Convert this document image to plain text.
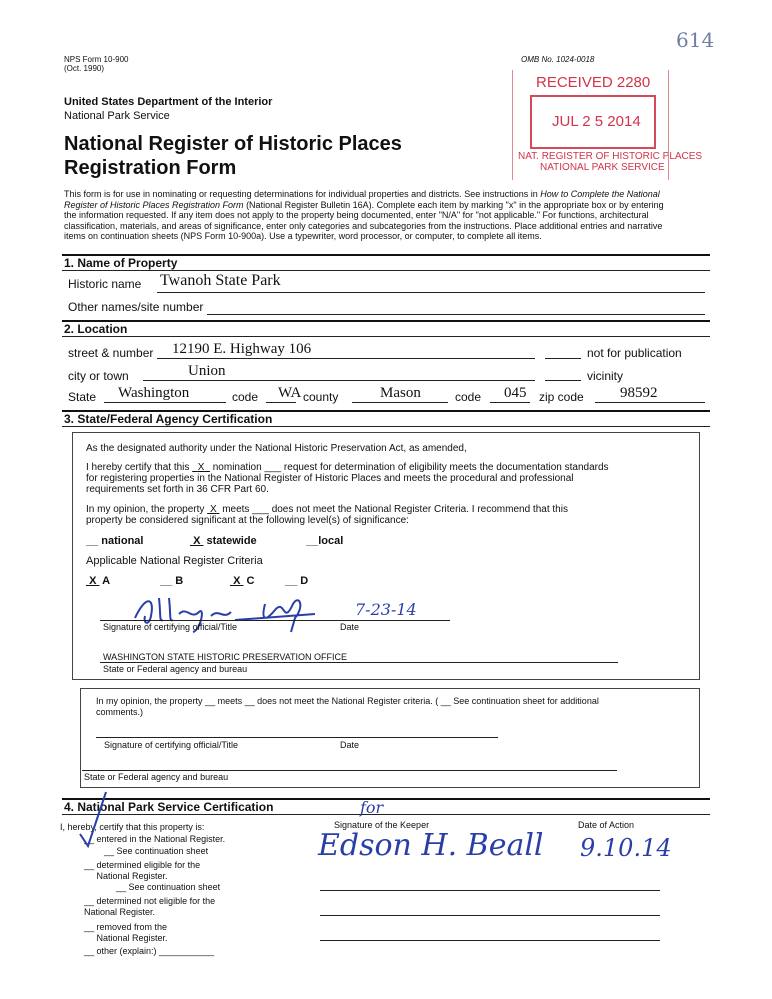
NPS Form 10-900
(Oct. 1990)
OMB No. 1024-0018
614
United States Department of the Interior
National Park Service
National Register of Historic Places
Registration Form
RECEIVED 2280
JUL 2 5 2014
NAT. REGISTER OF HISTORIC PLACES
NATIONAL PARK SERVICE
This form is for use in nominating or requesting determinations for individual properties and districts. See instructions in How to Complete the National
Register of Historic Places Registration Form (National Register Bulletin 16A). Complete each item by marking "x" in the appropriate box or by entering
the information requested. If any item does not apply to the property being documented, enter "N/A" for "not applicable." For functions, architectural
classification, materials, and areas of significance, enter only categories and subcategories from the instructions. Place additional entries and narrative
items on continuation sheets (NPS Form 10-900a). Use a typewriter, word processor, or computer, to complete all items.
1. Name of Property
Historic name Twanoh State Park
Other names/site number
2. Location
street & number 12190 E. Highway 106	not for publication
city or town	Union	vicinity
State Washington	code WA county	Mason	code 045 zip code 98592
3. State/Federal Agency Certification
As the designated authority under the National Historic Preservation Act, as amended,
I hereby certify that this X nomination ___ request for determination of eligibility meets the documentation standards
for registering properties in the National Register of Historic Places and meets the procedural and professional
requirements set forth in 36 CFR Part 60.
In my opinion, the property X meets ___ does not meet the National Register Criteria. I recommend that this
property be considered significant at the following level(s) of significance:
__ national	X statewide	__local
Applicable National Register Criteria
X A	__ B	X C	__ D
Signature of certifying official/Title
7-23-14
Date
WASHINGTON STATE HISTORIC PRESERVATION OFFICE
State or Federal agency and bureau
In my opinion, the property __ meets __ does not meet the National Register criteria. ( __ See continuation sheet for additional
comments.)
Signature of certifying official/Title	Date
State or Federal agency and bureau
4. National Park Service Certification
I, hereby, certify that this property is:
__ entered in the National Register.
__ See continuation sheet
__ determined eligible for the
National Register.
__ See continuation sheet
__ determined not eligible for the
National Register.
__ removed from the
National Register.
__ other (explain:) ___________
Signature of the Keeper	Date of Action
for
Edson H. Beall 9.10.14
